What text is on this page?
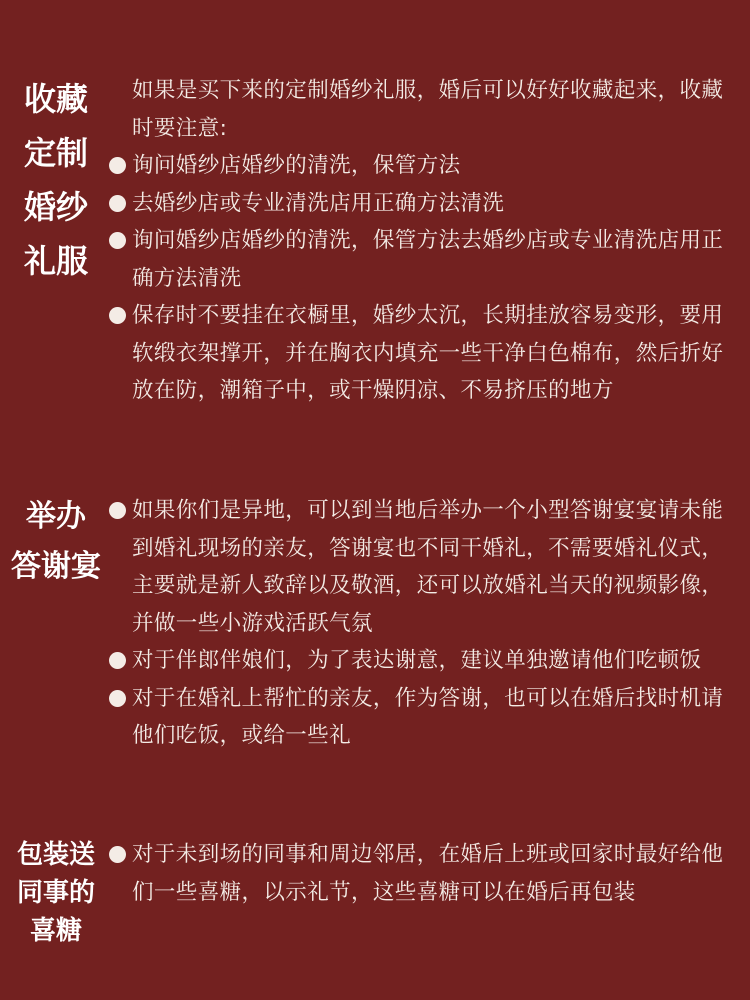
收藏
定制
婚纱
礼服

如果是买下来的定制婚纱礼服，婚后可以好好收藏起来，收藏时要注意:

询问婚纱店婚纱的清洗，保管方法

去婚纱店或专业清洗店用正确方法清洗

询问婚纱店婚纱的清洗，保管方法去婚纱店或专业清洗店用正确方法清洗

保存时不要挂在衣橱里，婚纱太沉，长期挂放容易变形，要用软缎衣架撑开，并在胸衣内填充一些干净白色棉布，然后折好放在防，潮箱子中，或干燥阴凉、不易挤压的地方

举办
答谢宴

如果你们是异地，可以到当地后举办一个小型答谢宴宴请未能到婚礼现场的亲友，答谢宴也不同干婚礼，不需要婚礼仪式，主要就是新人致辞以及敬酒，还可以放婚礼当天的视频影像，并做一些小游戏活跃气氛

对于伴郎伴娘们，为了表达谢意，建议单独邀请他们吃顿饭

对于在婚礼上帮忙的亲友，作为答谢，也可以在婚后找时机请他们吃饭，或给一些礼

包装送
同事的
喜糖

对于未到场的同事和周边邻居，在婚后上班或回家时最好给他们一些喜糖，以示礼节，这些喜糖可以在婚后再包装
